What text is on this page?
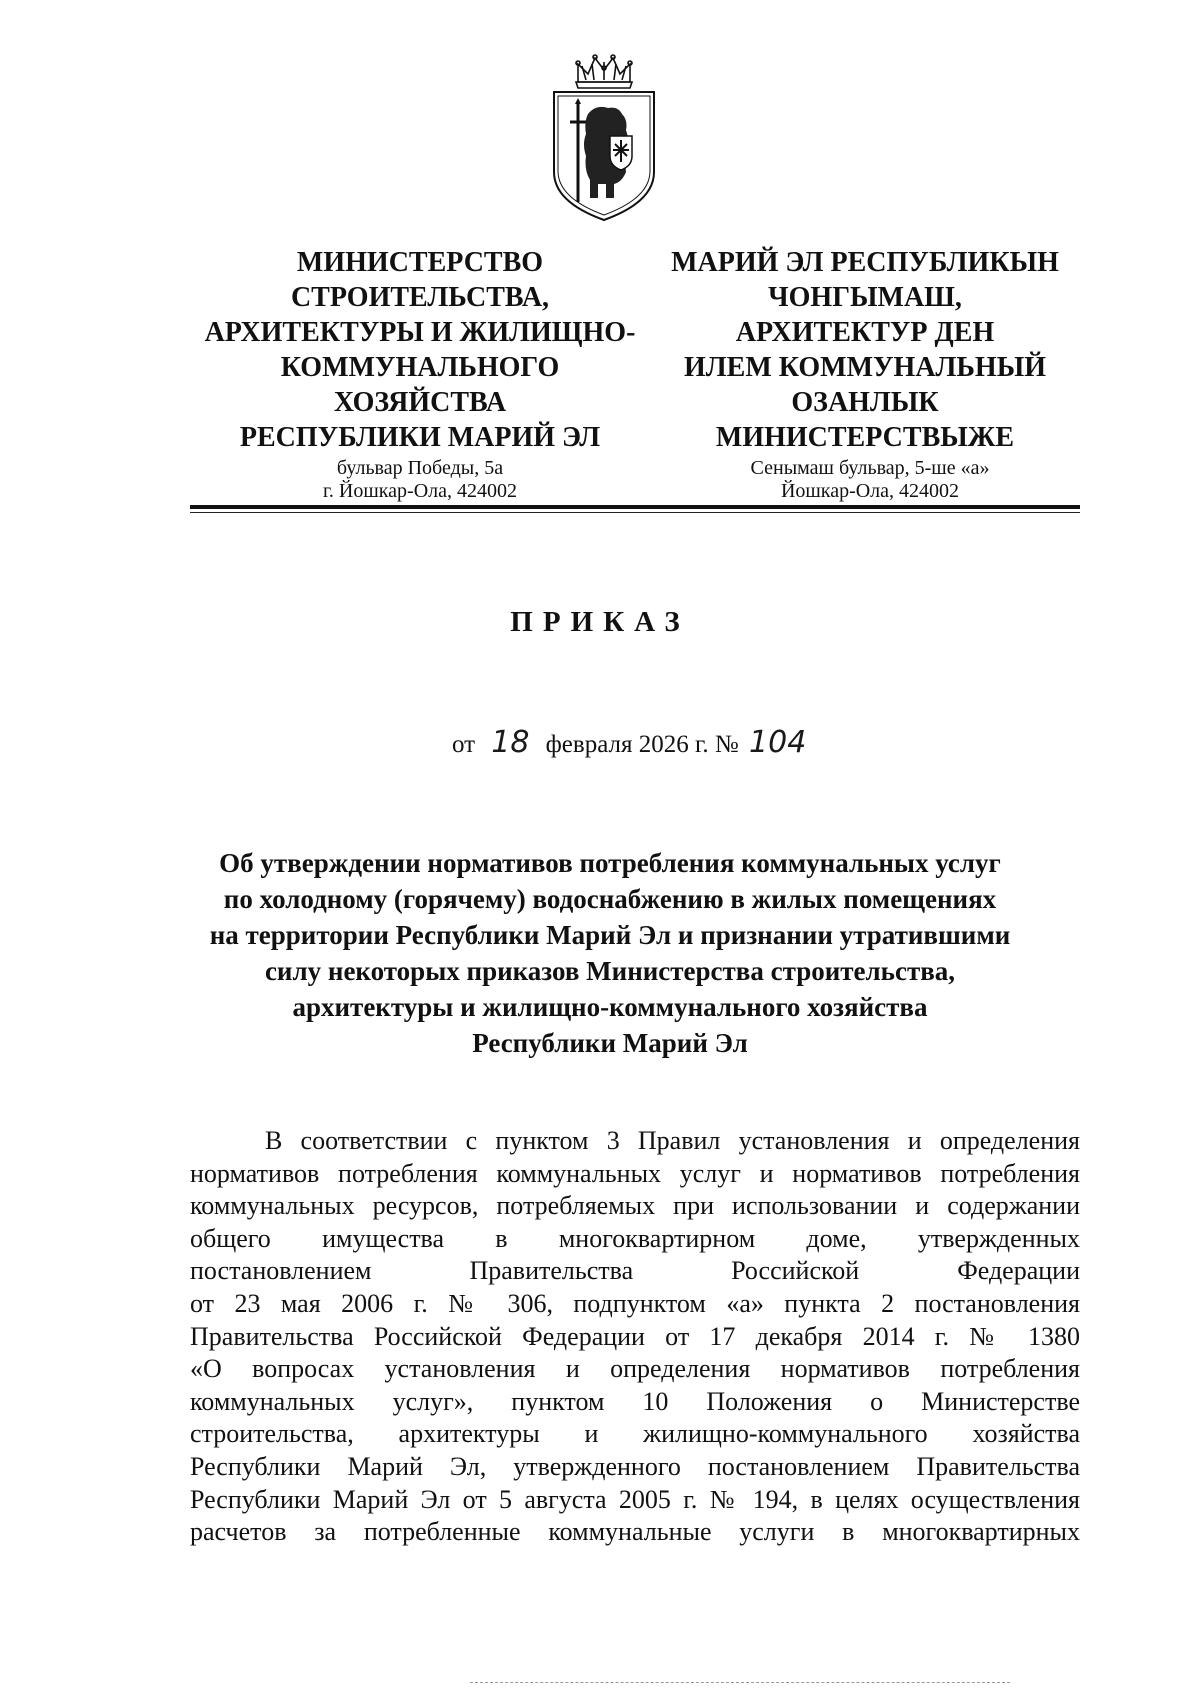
МИНИСТЕРСТВО
СТРОИТЕЛЬСТВА,
АРХИТЕКТУРЫ И ЖИЛИЩНО-
КОММУНАЛЬНОГО
ХОЗЯЙСТВА
РЕСПУБЛИКИ МАРИЙ ЭЛ
МАРИЙ ЭЛ РЕСПУБЛИКЫН
ЧОНГЫМАШ,
АРХИТЕКТУР ДЕН
ИЛЕМ КОММУНАЛЬНЫЙ
ОЗАНЛЫК
МИНИСТЕРСТВЫЖЕ
бульвар Победы, 5а
г. Йошкар-Ола, 424002
Сенымаш бульвар, 5-ше «а»
Йошкар-Ола, 424002
ПРИКАЗ
от 18 февраля 2026 г. № 104
Об утверждении нормативов потребления коммунальных услуг
по холодному (горячему) водоснабжению в жилых помещениях
на территории Республики Марий Эл и признании утратившими
силу некоторых приказов Министерства строительства,
архитектуры и жилищно-коммунального хозяйства
Республики Марий Эл
В соответствии с пунктом 3 Правил установления и определения
нормативов потребления коммунальных услуг и нормативов потребления
коммунальных ресурсов, потребляемых при использовании и содержании
общего имущества в многоквартирном доме, утвержденных
постановлением Правительства Российской Федерации
от 23 мая 2006 г. № 306, подпунктом «а» пункта 2 постановления
Правительства Российской Федерации от 17 декабря 2014 г. № 1380
«О вопросах установления и определения нормативов потребления
коммунальных услуг», пунктом 10 Положения о Министерстве
строительства, архитектуры и жилищно-коммунального хозяйства
Республики Марий Эл, утвержденного постановлением Правительства
Республики Марий Эл от 5 августа 2005 г. № 194, в целях осуществления
расчетов за потребленные коммунальные услуги в многоквартирных
